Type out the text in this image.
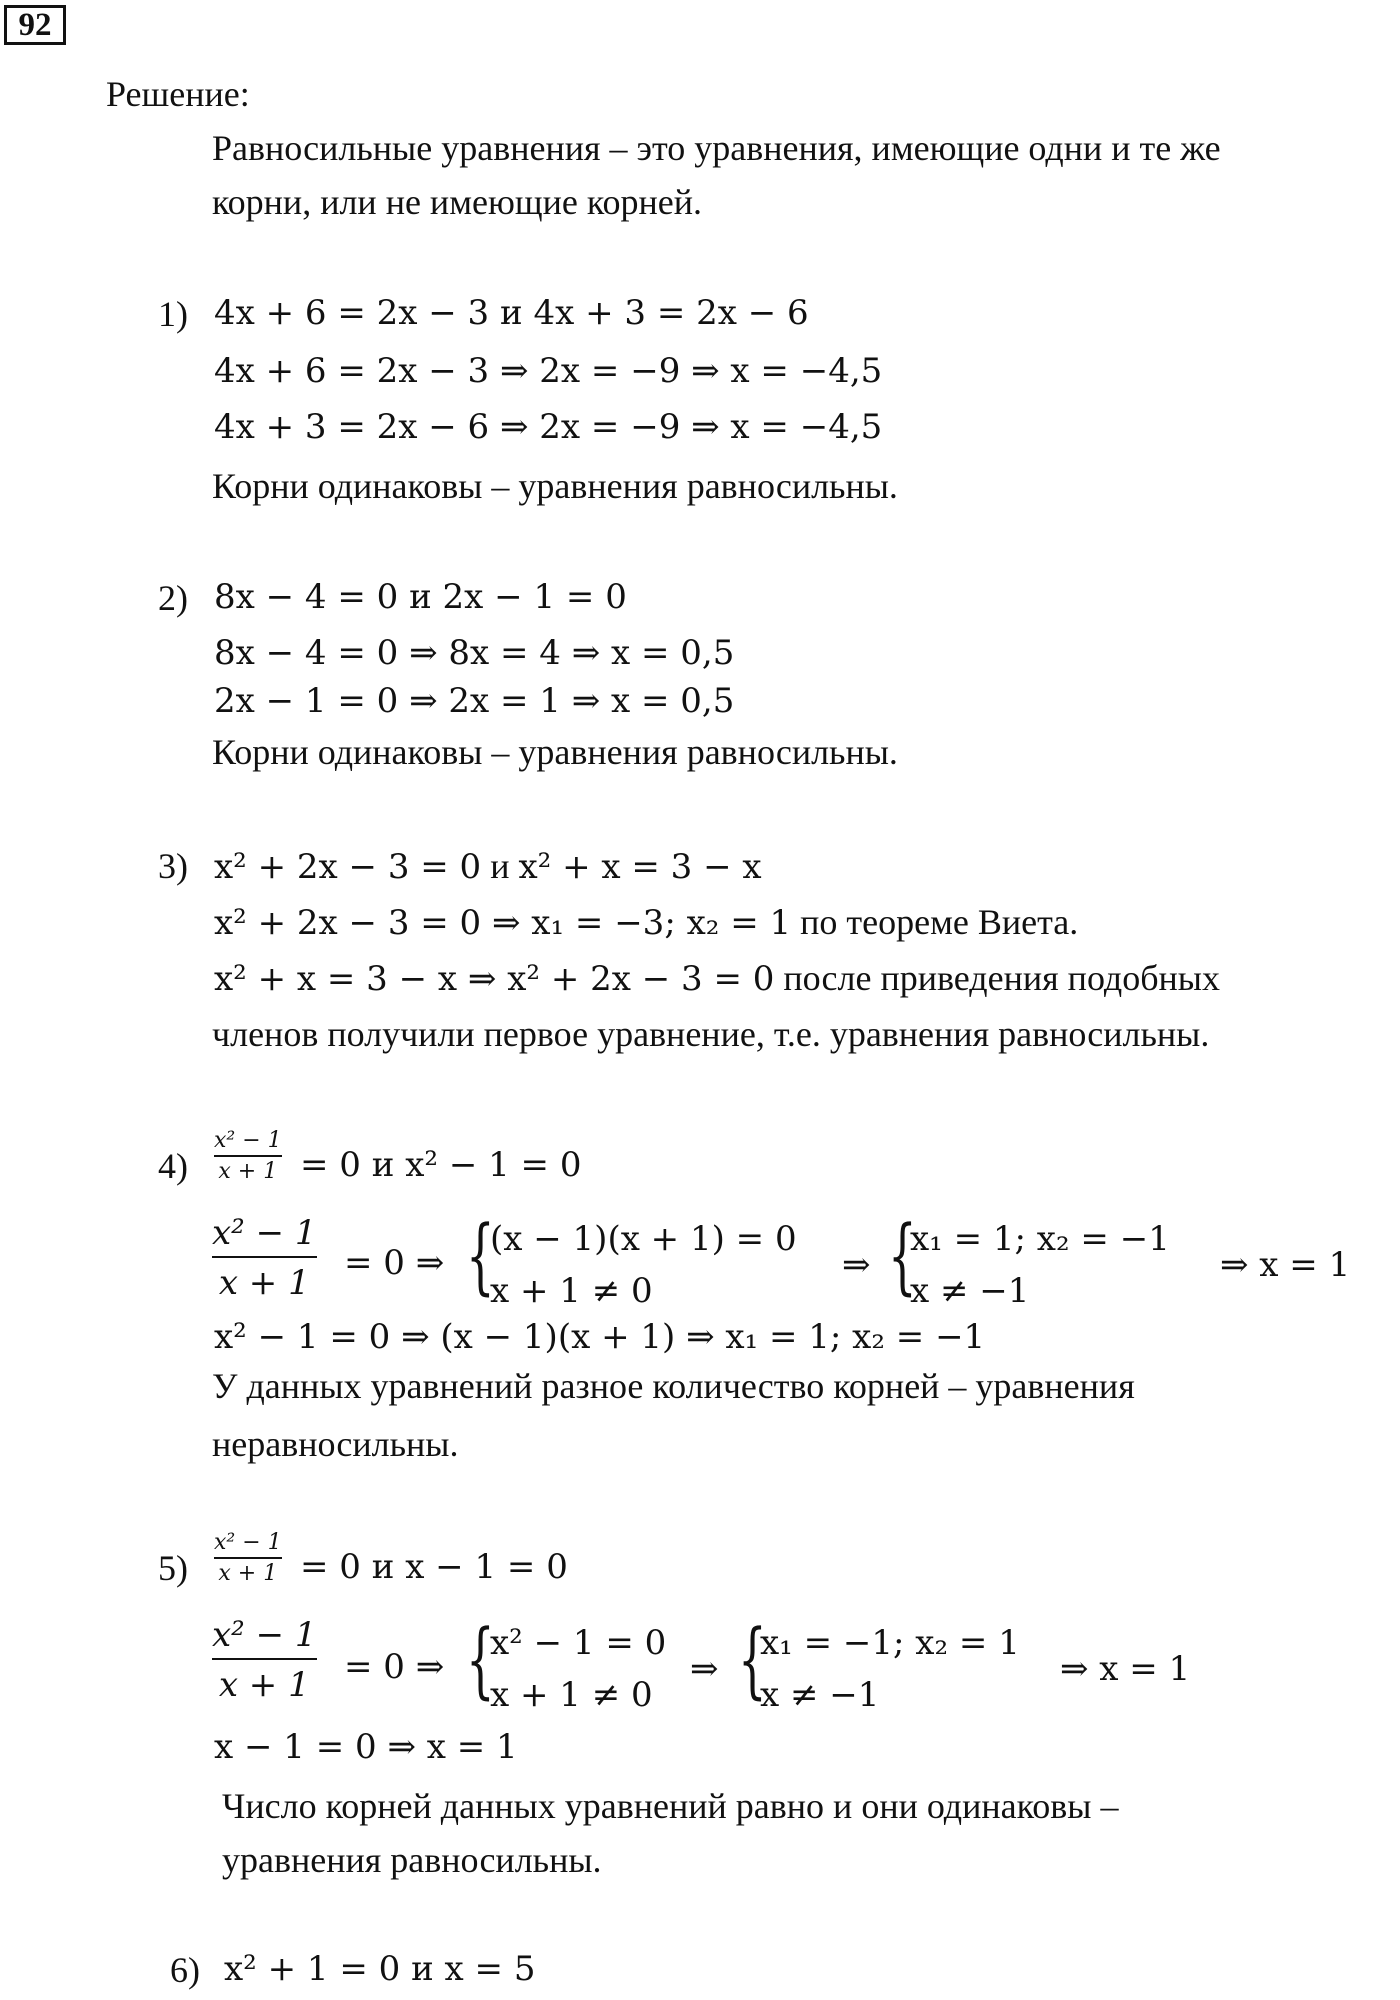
92
Решение:
Равносильные уравнения – это уравнения, имеющие одни и те же
корни, или не имеющие корней.
1) 4x + 6 = 2x − 3 и 4x + 3 = 2x − 6
4x + 6 = 2x − 3 ⇒ 2x = −9 ⇒ x = −4,5
4x + 3 = 2x − 6 ⇒ 2x = −9 ⇒ x = −4,5
Корни одинаковы – уравнения равносильны.
2) 8x − 4 = 0 и 2x − 1 = 0
8x − 4 = 0 ⇒ 8x = 4 ⇒ x = 0,5
2x − 1 = 0 ⇒ 2x = 1 ⇒ x = 0,5
Корни одинаковы – уравнения равносильны.
3) x² + 2x − 3 = 0 и x² + x = 3 − x
x² + 2x − 3 = 0 ⇒ x₁ = −3; x₂ = 1 по теореме Виета.
x² + x = 3 − x ⇒ x² + 2x − 3 = 0 после приведения подобных
членов получили первое уравнение, т.е. уравнения равносильны.
4)
x² − 1
x + 1 = 0 и x² − 1 = 0
x² − 1
x + 1 = 0 ⇒ {
(x − 1)(x + 1) = 0
x + 1 ≠ 0
⇒ {
x₁ = 1; x₂ = −1
x ≠ −1
⇒ x = 1
x² − 1 = 0 ⇒ (x − 1)(x + 1) ⇒ x₁ = 1; x₂ = −1
У данных уравнений разное количество корней – уравнения
неравносильны.
5)
x² − 1
x + 1 = 0 и x − 1 = 0
x² − 1
x + 1 = 0 ⇒ {
x² − 1 = 0
x + 1 ≠ 0
⇒ {
x₁ = −1; x₂ = 1
x ≠ −1
⇒ x = 1
x − 1 = 0 ⇒ x = 1
Число корней данных уравнений равно и они одинаковы –
уравнения равносильны.
6) x² + 1 = 0 и x = 5
